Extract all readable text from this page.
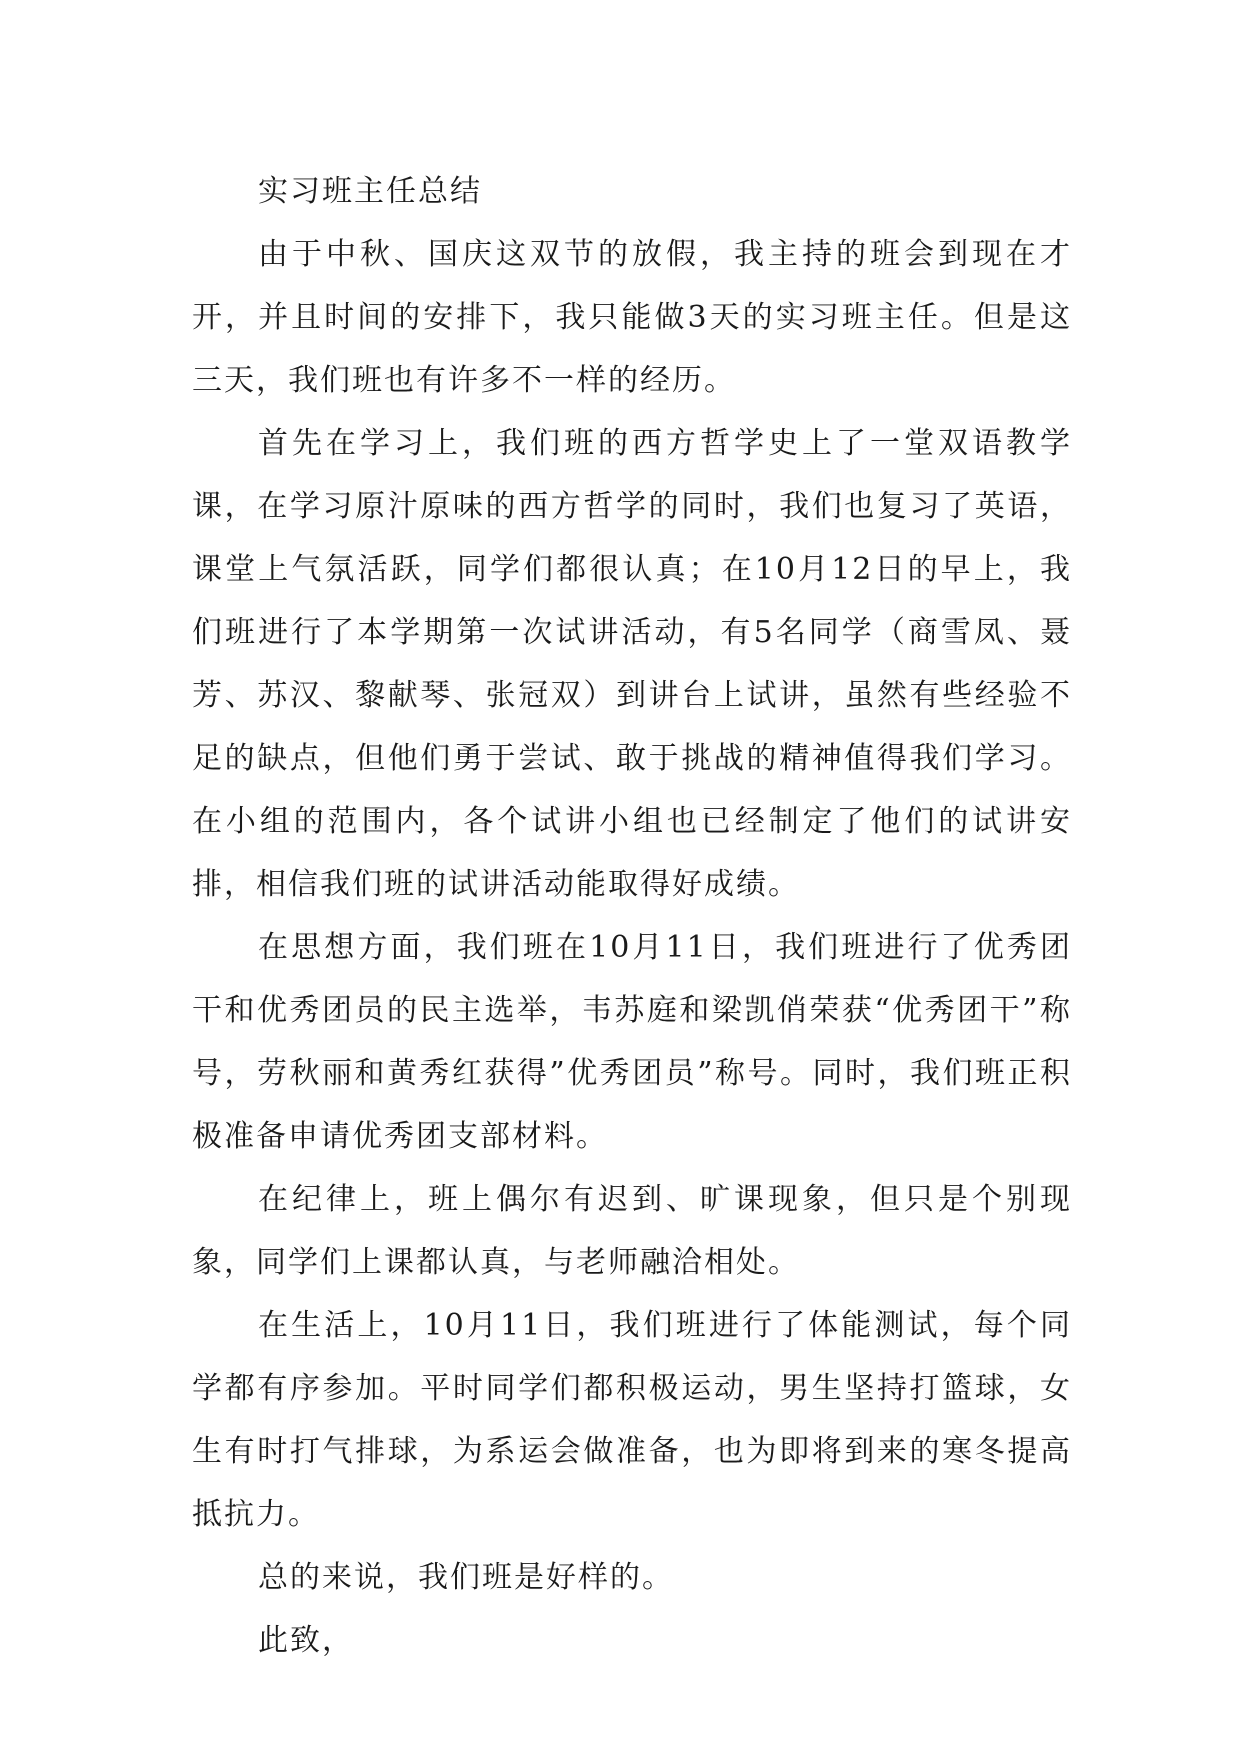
实习班主任总结

由于中秋、国庆这双节的放假，我主持的班会到现在才开，并且时间的安排下，我只能做3天的实习班主任。但是这三天，我们班也有许多不一样的经历。

首先在学习上，我们班的西方哲学史上了一堂双语教学课，在学习原汁原味的西方哲学的同时，我们也复习了英语，课堂上气氛活跃，同学们都很认真；在10月12日的早上，我们班进行了本学期第一次试讲活动，有5名同学（商雪凤、聂芳、苏汉、黎献琴、张冠双）到讲台上试讲，虽然有些经验不足的缺点，但他们勇于尝试、敢于挑战的精神值得我们学习。在小组的范围内，各个试讲小组也已经制定了他们的试讲安排，相信我们班的试讲活动能取得好成绩。

在思想方面，我们班在10月11日，我们班进行了优秀团干和优秀团员的民主选举，韦苏庭和梁凯俏荣获“优秀团干”称号，劳秋丽和黄秀红获得”优秀团员”称号。同时，我们班正积极准备申请优秀团支部材料。

在纪律上，班上偶尔有迟到、旷课现象，但只是个别现象，同学们上课都认真，与老师融洽相处。

在生活上，10月11日，我们班进行了体能测试，每个同学都有序参加。平时同学们都积极运动，男生坚持打篮球，女生有时打气排球，为系运会做准备，也为即将到来的寒冬提高抵抗力。

总的来说，我们班是好样的。

此致，
